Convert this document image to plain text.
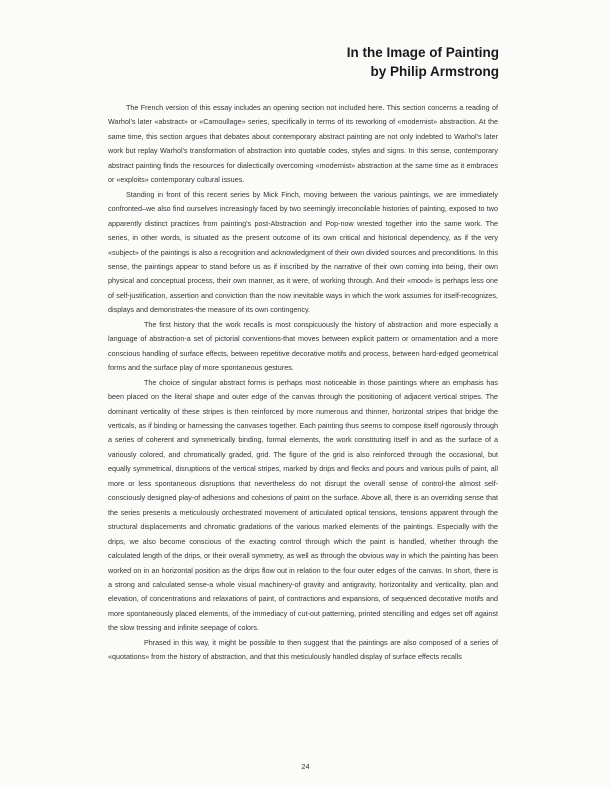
In the Image of Painting

by Philip Armstrong

The French version of this essay includes an opening section not included here. This section concerns a reading of Warhol's later «abstract» or «Camoullage» series, specifically in terms of its reworking of «modernist» abstraction. At the same time, this section argues that debates about contemporary abstract painting are not only indebted to Warhol's later work but replay Warhol's transformation of abstraction into quotable codes, styles and signs. In this sense, contemporary abstract painting finds the resources for dialectically overcoming «modernist» abstraction at the same time as it embraces or «exploits» contemporary cultural issues.

Standing in front of this recent series by Mick Finch, moving between the various paintings, we are immediately confronted–we also find ourselves increasingly faced by two seemingly irreconcilable histories of painting, exposed to two apparently distinct practices from painting's post-Abstraction and Pop-now wrested together into the same work. The series, in other words, is situated as the present outcome of its own critical and historical dependency, as if the very «subject» of the paintings is also a recognition and acknowledgment of their own divided sources and preconditions. In this sense, the paintings appear to stand before us as if inscribed by the narrative of their own coming into being, their own physical and conceptual process, their own manner, as it were, of working through. And their «mood» is perhaps less one of self-justification, assertion and conviction than the now inevitable ways in which the work assumes for itself-recognizes, displays and demonstrates-the measure of its own contingency.

The first history that the work recalls is most conspicuously the history of abstraction and more especially a language of abstraction-a set of pictorial conventions-that moves between explicit pattern or ornamentation and a more conscious handling of surface effects, between repetitive decorative motifs and process, between hard-edged geometrical forms and the surface play of more spontaneous gestures.

The choice of singular abstract forms is perhaps most noticeable in those paintings where an emphasis has been placed on the literal shape and outer edge of the canvas through the positioning of adjacent vertical stripes. The dominant verticality of these stripes is then reinforced by more numerous and thinner, horizontal stripes that bridge the verticals, as if binding or harnessing the canvases together. Each painting thus seems to compose itself rigorously through a series of coherent and symmetrically binding, formal elements, the work constituting itself in and as the surface of a variously colored, and chromatically graded, grid. The figure of the grid is also reinforced through the occasional, but equally symmetrical, disruptions of the vertical stripes, marked by drips and flecks and pours and various pulls of paint, all more or less spontaneous disruptions that nevertheless do not disrupt the overall sense of control-the almost self-consciously designed play-of adhesions and cohesions of paint on the surface. Above all, there is an overriding sense that the series presents a meticulously orchestrated movement of articulated optical tensions, tensions apparent through the structural displacements and chromatic gradations of the various marked elements of the paintings. Especially with the drips, we also become conscious of the exacting control through which the paint is handled, whether through the calculated length of the drips, or their overall symmetry, as well as through the obvious way in which the painting has been worked on in an horizontal position as the drips flow out in relation to the four outer edges of the canvas. In short, there is a strong and calculated sense-a whole visual machinery-of gravity and antigravity, horizontality and verticality, plan and elevation, of concentrations and relaxations of paint, of contractions and expansions, of sequenced decorative motifs and more spontaneously placed elements, of the immediacy of cut-out patterning, printed stencilling and edges set off against the slow tressing and infinite seepage of colors.

Phrased in this way, it might be possible to then suggest that the paintings are also composed of a series of «quotations» from the history of abstraction, and that this meticulously handled display of surface effects recalls

24
